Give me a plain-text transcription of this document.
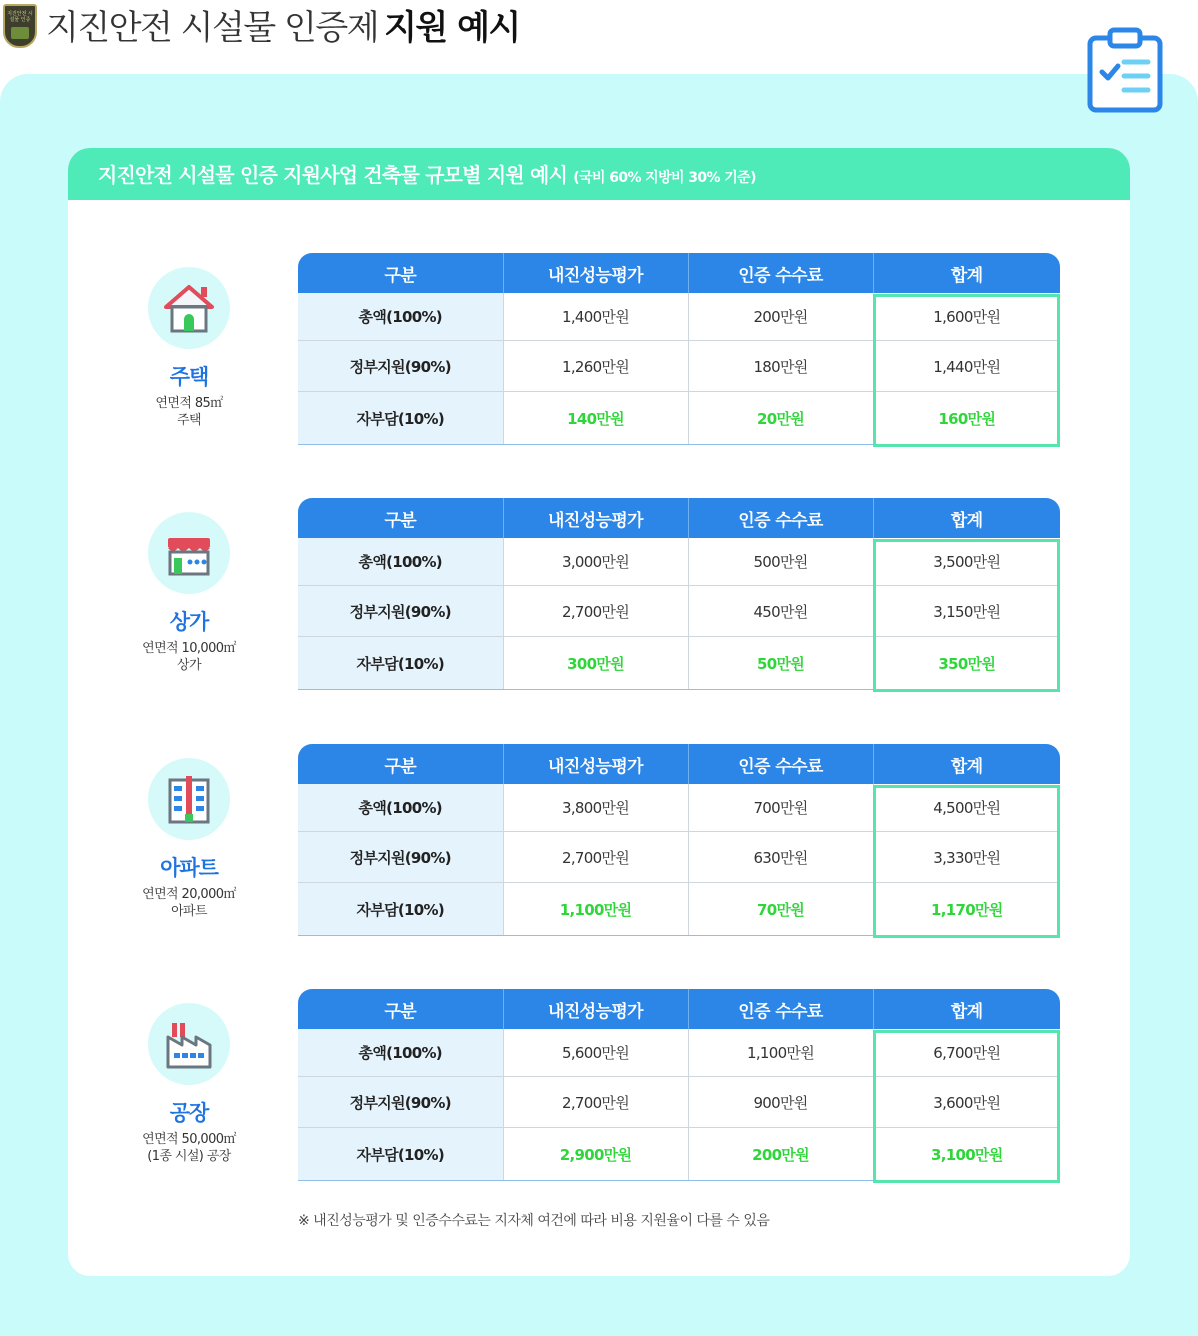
지진안전 시설물 인증 지진안전 시설물 인증제 지원 예시
지진안전 시설물 인증 지원사업 건축물 규모별 지원 예시 (국비 60% 지방비 30% 기준)
주택
연면적 85㎡
주택
구분	내진성능평가	인증 수수료	합계
총액(100%)	1,400만원	200만원	1,600만원
정부지원(90%)	1,260만원	180만원	1,440만원
자부담(10%)	140만원	20만원	160만원
상가
연면적 10,000㎡
상가
구분	내진성능평가	인증 수수료	합계
총액(100%)	3,000만원	500만원	3,500만원
정부지원(90%)	2,700만원	450만원	3,150만원
자부담(10%)	300만원	50만원	350만원
아파트
연면적 20,000㎡
아파트
구분	내진성능평가	인증 수수료	합계
총액(100%)	3,800만원	700만원	4,500만원
정부지원(90%)	2,700만원	630만원	3,330만원
자부담(10%)	1,100만원	70만원	1,170만원
공장
연면적 50,000㎡
(1종 시설) 공장
구분	내진성능평가	인증 수수료	합계
총액(100%)	5,600만원	1,100만원	6,700만원
정부지원(90%)	2,700만원	900만원	3,600만원
자부담(10%)	2,900만원	200만원	3,100만원
※ 내진성능평가 및 인증수수료는 지자체 여건에 따라 비용 지원율이 다를 수 있음
